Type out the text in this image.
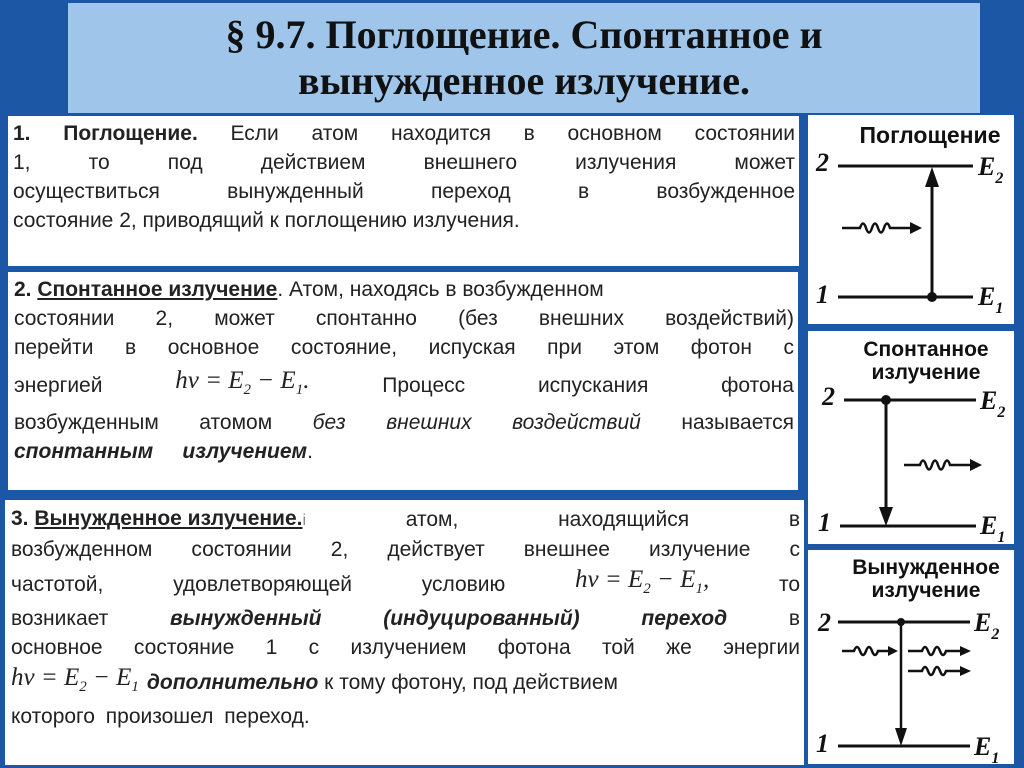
§ 9.7. Поглощение. Спонтанное и
вынужденное излучение.
1. Поглощение. Если атом находится в основном состоянии
1,	то	под	действием	внешнего	излучения	может
осуществиться	вынужденный	переход	в	возбужденное
состояние 2, приводящий к поглощению излучения.
2. Спонтанное излучение. Атом, находясь в возбужденном
состоянии 2, может спонтанно (без внешних воздействий)
перейти в основное состояние, испуская при этом фотон с
энергией	$h\nu = E_2 - E_1$.	Процесс	испускания	фотона
возбужденным атомом без внешних воздействий называется
спонтанным излучением.
3. Вынужденное излучение.i	атом,	находящийся	в
возбужденном состоянии 2, действует внешнее излучение с
частотой,	удовлетворяющей	условию	$h\nu = E_2 - E_1$,	то
возникает вынужденный (индуцированный) переход в
основное состояние 1 с излучением фотона той же энергии
$h\nu = E_2 - E_1$ дополнительно к тому фотону, под действием
которого произошел переход.
Поглощение
2	$E_2$
1	$E_1$
Спонтанное
излучение
2	$E_2$
1	$E_1$
Вынужденное
излучение
2	$E_2$
1	$E_1$
